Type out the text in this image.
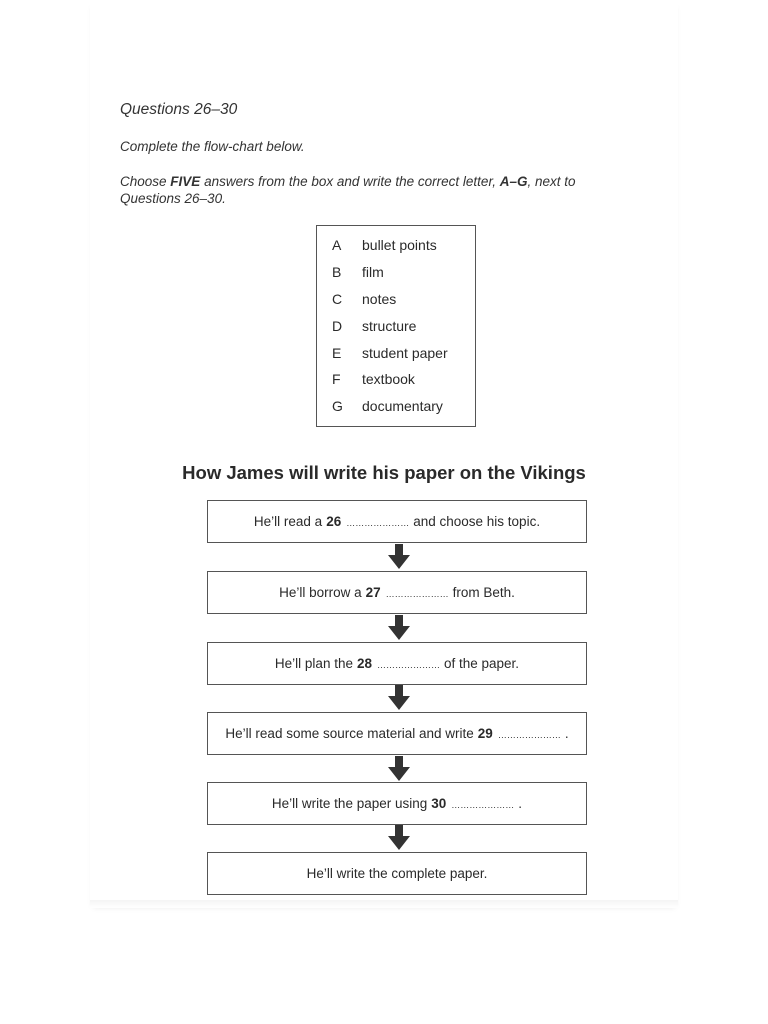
Questions 26–30
Complete the flow-chart below.
Choose FIVE answers from the box and write the correct letter, A–G, next to
Questions 26–30.
A bullet points
B film
C notes
D structure
E student paper
F textbook
G documentary
How James will write his paper on the Vikings
He’ll read a 26 ………………… and choose his topic.
He’ll borrow a 27 ………………… from Beth.
He’ll plan the 28 ………………… of the paper.
He’ll read some source material and write 29 ………………… .
He’ll write the paper using 30 ………………… .
He’ll write the complete paper.
